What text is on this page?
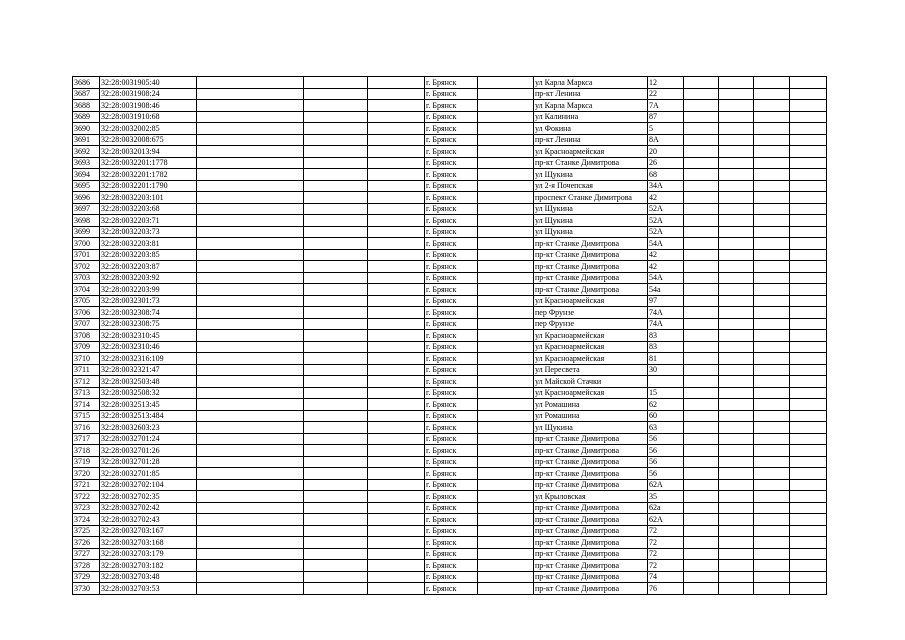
3686	32:28:0031905:40				г. Брянск		ул Карла Маркса	12				
3687	32:28:0031908:24				г. Брянск		пр-кт Ленина	22				
3688	32:28:0031908:46				г. Брянск		ул Карла Маркса	7А				
3689	32:28:0031910:68				г. Брянск		ул Калинина	87				
3690	32:28:0032002:85				г. Брянск		ул Фокина	5				
3691	32:28:0032008:675				г. Брянск		пр-кт Ленина	8А				
3692	32:28:0032013:94				г. Брянск		ул Красноармейская	20				
3693	32:28:0032201:1778				г. Брянск		пр-кт Станке Димитрова	26				
3694	32:28:0032201:1782				г. Брянск		ул Щукина	68				
3695	32:28:0032201:1790				г. Брянск		ул 2-я Почепская	34А				
3696	32:28:0032203:101				г. Брянск		проспект Станке Димитрова	42				
3697	32:28:0032203:68				г. Брянск		ул Щукина	52А				
3698	32:28:0032203:71				г. Брянск		ул Щукина	52А				
3699	32:28:0032203:73				г. Брянск		ул Щукина	52А				
3700	32:28:0032203:81				г. Брянск		пр-кт Станке Димитрова	54А				
3701	32:28:0032203:85				г. Брянск		пр-кт Станке Димитрова	42				
3702	32:28:0032203:87				г. Брянск		пр-кт Станке Димитрова	42				
3703	32:28:0032203:92				г. Брянск		пр-кт Станке Димитрова	54А				
3704	32:28:0032203:99				г. Брянск		пр-кт Станке Димитрова	54а				
3705	32:28:0032301:73				г. Брянск		ул Красноармейская	97				
3706	32:28:0032308:74				г. Брянск		пер Фрунзе	74А				
3707	32:28:0032308:75				г. Брянск		пер Фрунзе	74А				
3708	32:28:0032310:45				г. Брянск		ул Красноармейская	83				
3709	32:28:0032310:46				г. Брянск		ул Красноармейская	83				
3710	32:28:0032316:109				г. Брянск		ул Красноармейская	81				
3711	32:28:0032321:47				г. Брянск		ул Пересвета	30				
3712	32:28:0032503:48				г. Брянск		ул Майской Стачки					
3713	32:28:0032508:32				г. Брянск		ул Красноармейская	15				
3714	32:28:0032513:45				г. Брянск		ул Ромашина	62				
3715	32:28:0032513:484				г. Брянск		ул Ромашина	60				
3716	32:28:0032603:23				г. Брянск		ул Щукина	63				
3717	32:28:0032701:24				г. Брянск		пр-кт Станке Димитрова	56				
3718	32:28:0032701:26				г. Брянск		пр-кт Станке Димитрова	56				
3719	32:28:0032701:28				г. Брянск		пр-кт Станке Димитрова	56				
3720	32:28:0032701:85				г. Брянск		пр-кт Станке Димитрова	56				
3721	32:28:0032702:104				г. Брянск		пр-кт Станке Димитрова	62А				
3722	32:28:0032702:35				г. Брянск		ул Крыловская	35				
3723	32:28:0032702:42				г. Брянск		пр-кт Станке Димитрова	62а				
3724	32:28:0032702:43				г. Брянск		пр-кт Станке Димитрова	62А				
3725	32:28:0032703:167				г. Брянск		пр-кт Станке Димитрова	72				
3726	32:28:0032703:168				г. Брянск		пр-кт Станке Димитрова	72				
3727	32:28:0032703:179				г. Брянск		пр-кт Станке Димитрова	72				
3728	32:28:0032703:182				г. Брянск		пр-кт Станке Димитрова	72				
3729	32:28:0032703:48				г. Брянск		пр-кт Станке Димитрова	74				
3730	32:28:0032703:53				г. Брянск		пр-кт Станке Димитрова	76				
